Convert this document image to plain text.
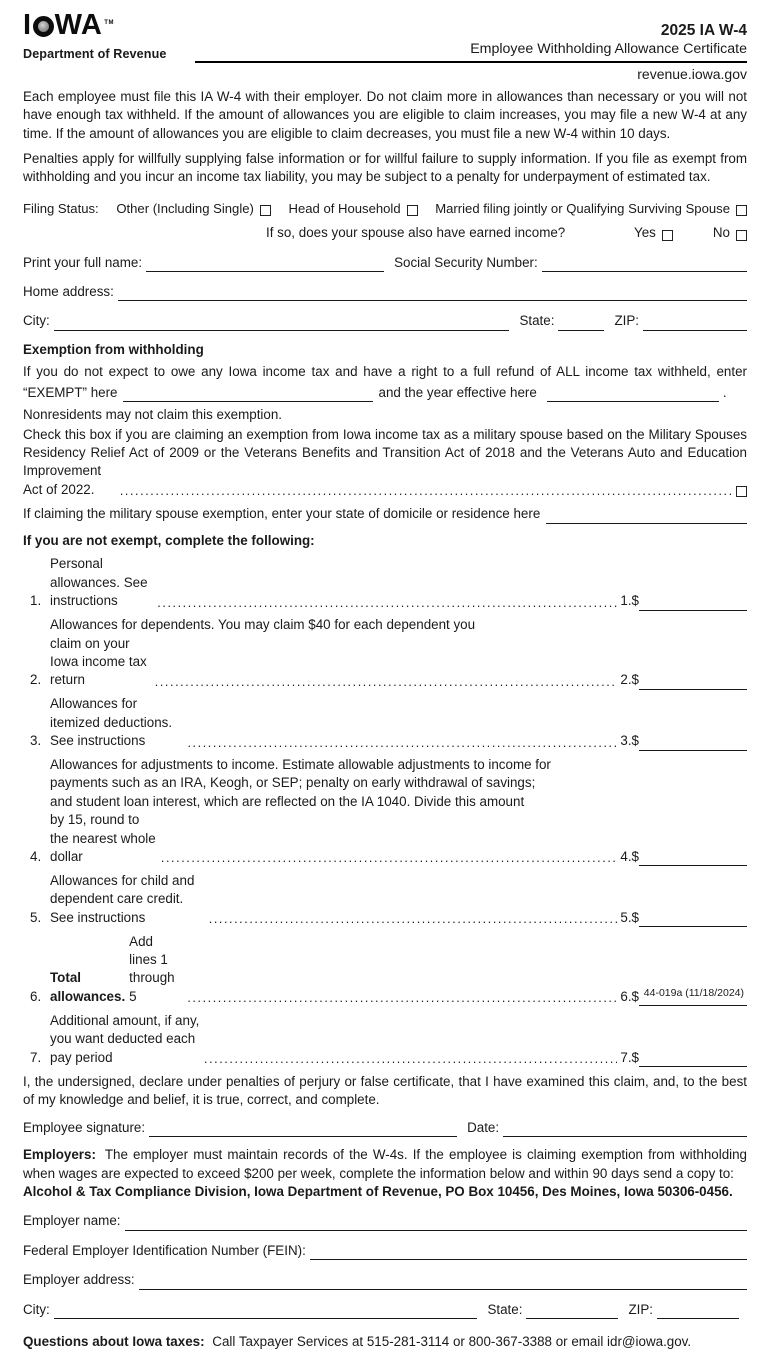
I WA TM
Department of Revenue
2025 IA W-4
Employee Withholding Allowance Certificate
revenue.iowa.gov
Each employee must file this IA W-4 with their employer. Do not claim more in allowances than necessary or you will not have enough tax withheld. If the amount of allowances you are eligible to claim increases, you may file a new W-4 at any time. If the amount of allowances you are eligible to claim decreases, you must file a new W-4 within 10 days.
Penalties apply for willfully supplying false information or for willful failure to supply information. If you file as exempt from withholding and you incur an income tax liability, you may be subject to a penalty for underpayment of estimated tax.
Filing Status: Other (Including Single)	Head of Household	Married filing jointly or Qualifying Surviving Spouse
If so, does your spouse also have earned income?	Yes	No
Print your full name:	Social Security Number:
Home address:
City:	State:	ZIP:
Exemption from withholding
If you do not expect to owe any Iowa income tax and have a right to a full refund of ALL income tax withheld, enter
“EXEMPT” here	and the year effective here	.
Nonresidents may not claim this exemption.
Check this box if you are claiming an exemption from Iowa income tax as a military spouse based on the Military Spouses
Residency Relief Act of 2009 or the Veterans Benefits and Transition Act of 2018 and the Veterans Auto and Education
Improvement Act of 2022.
.....
If claiming the military spouse exemption, enter your state of domicile or residence here
If you are not exempt, complete the following:
1.
Personal allowances. See instructions .....	1.$
2.
Allowances for dependents. You may claim $40 for each dependent you
claim on your Iowa income tax return .....	2.$
3.
Allowances for itemized deductions. See instructions .....	3.$
4.
Allowances for adjustments to income. Estimate allowable adjustments to income for
payments such as an IRA, Keogh, or SEP; penalty on early withdrawal of savings;
and student loan interest, which are reflected on the IA 1040. Divide this amount
by 15, round to the nearest whole dollar .....	4.$
5.
Allowances for child and dependent care credit. See instructions .....	5.$
6.
Total allowances.
Add lines 1 through 5 .....	6.$
7.
Additional amount, if any, you want deducted each pay period .....	7.$
I, the undersigned, declare under penalties of perjury or false certificate, that I have examined this claim, and, to the best of my knowledge and belief, it is true, correct, and complete.
Employee signature:	Date:
Employers: The employer must maintain records of the W-4s. If the employee is claiming exemption from withholding when wages are expected to exceed $200 per week, complete the information below and within 90 days send a copy to:
Alcohol & Tax Compliance Division, Iowa Department of Revenue, PO Box 10456, Des Moines, Iowa 50306-0456.
Employer name:
Federal Employer Identification Number (FEIN):
Employer address:
City:	State:	ZIP:
Questions about Iowa taxes: Call Taxpayer Services at 515-281-3114 or 800-367-3388 or email idr@iowa.gov.
44-019a (11/18/2024)
